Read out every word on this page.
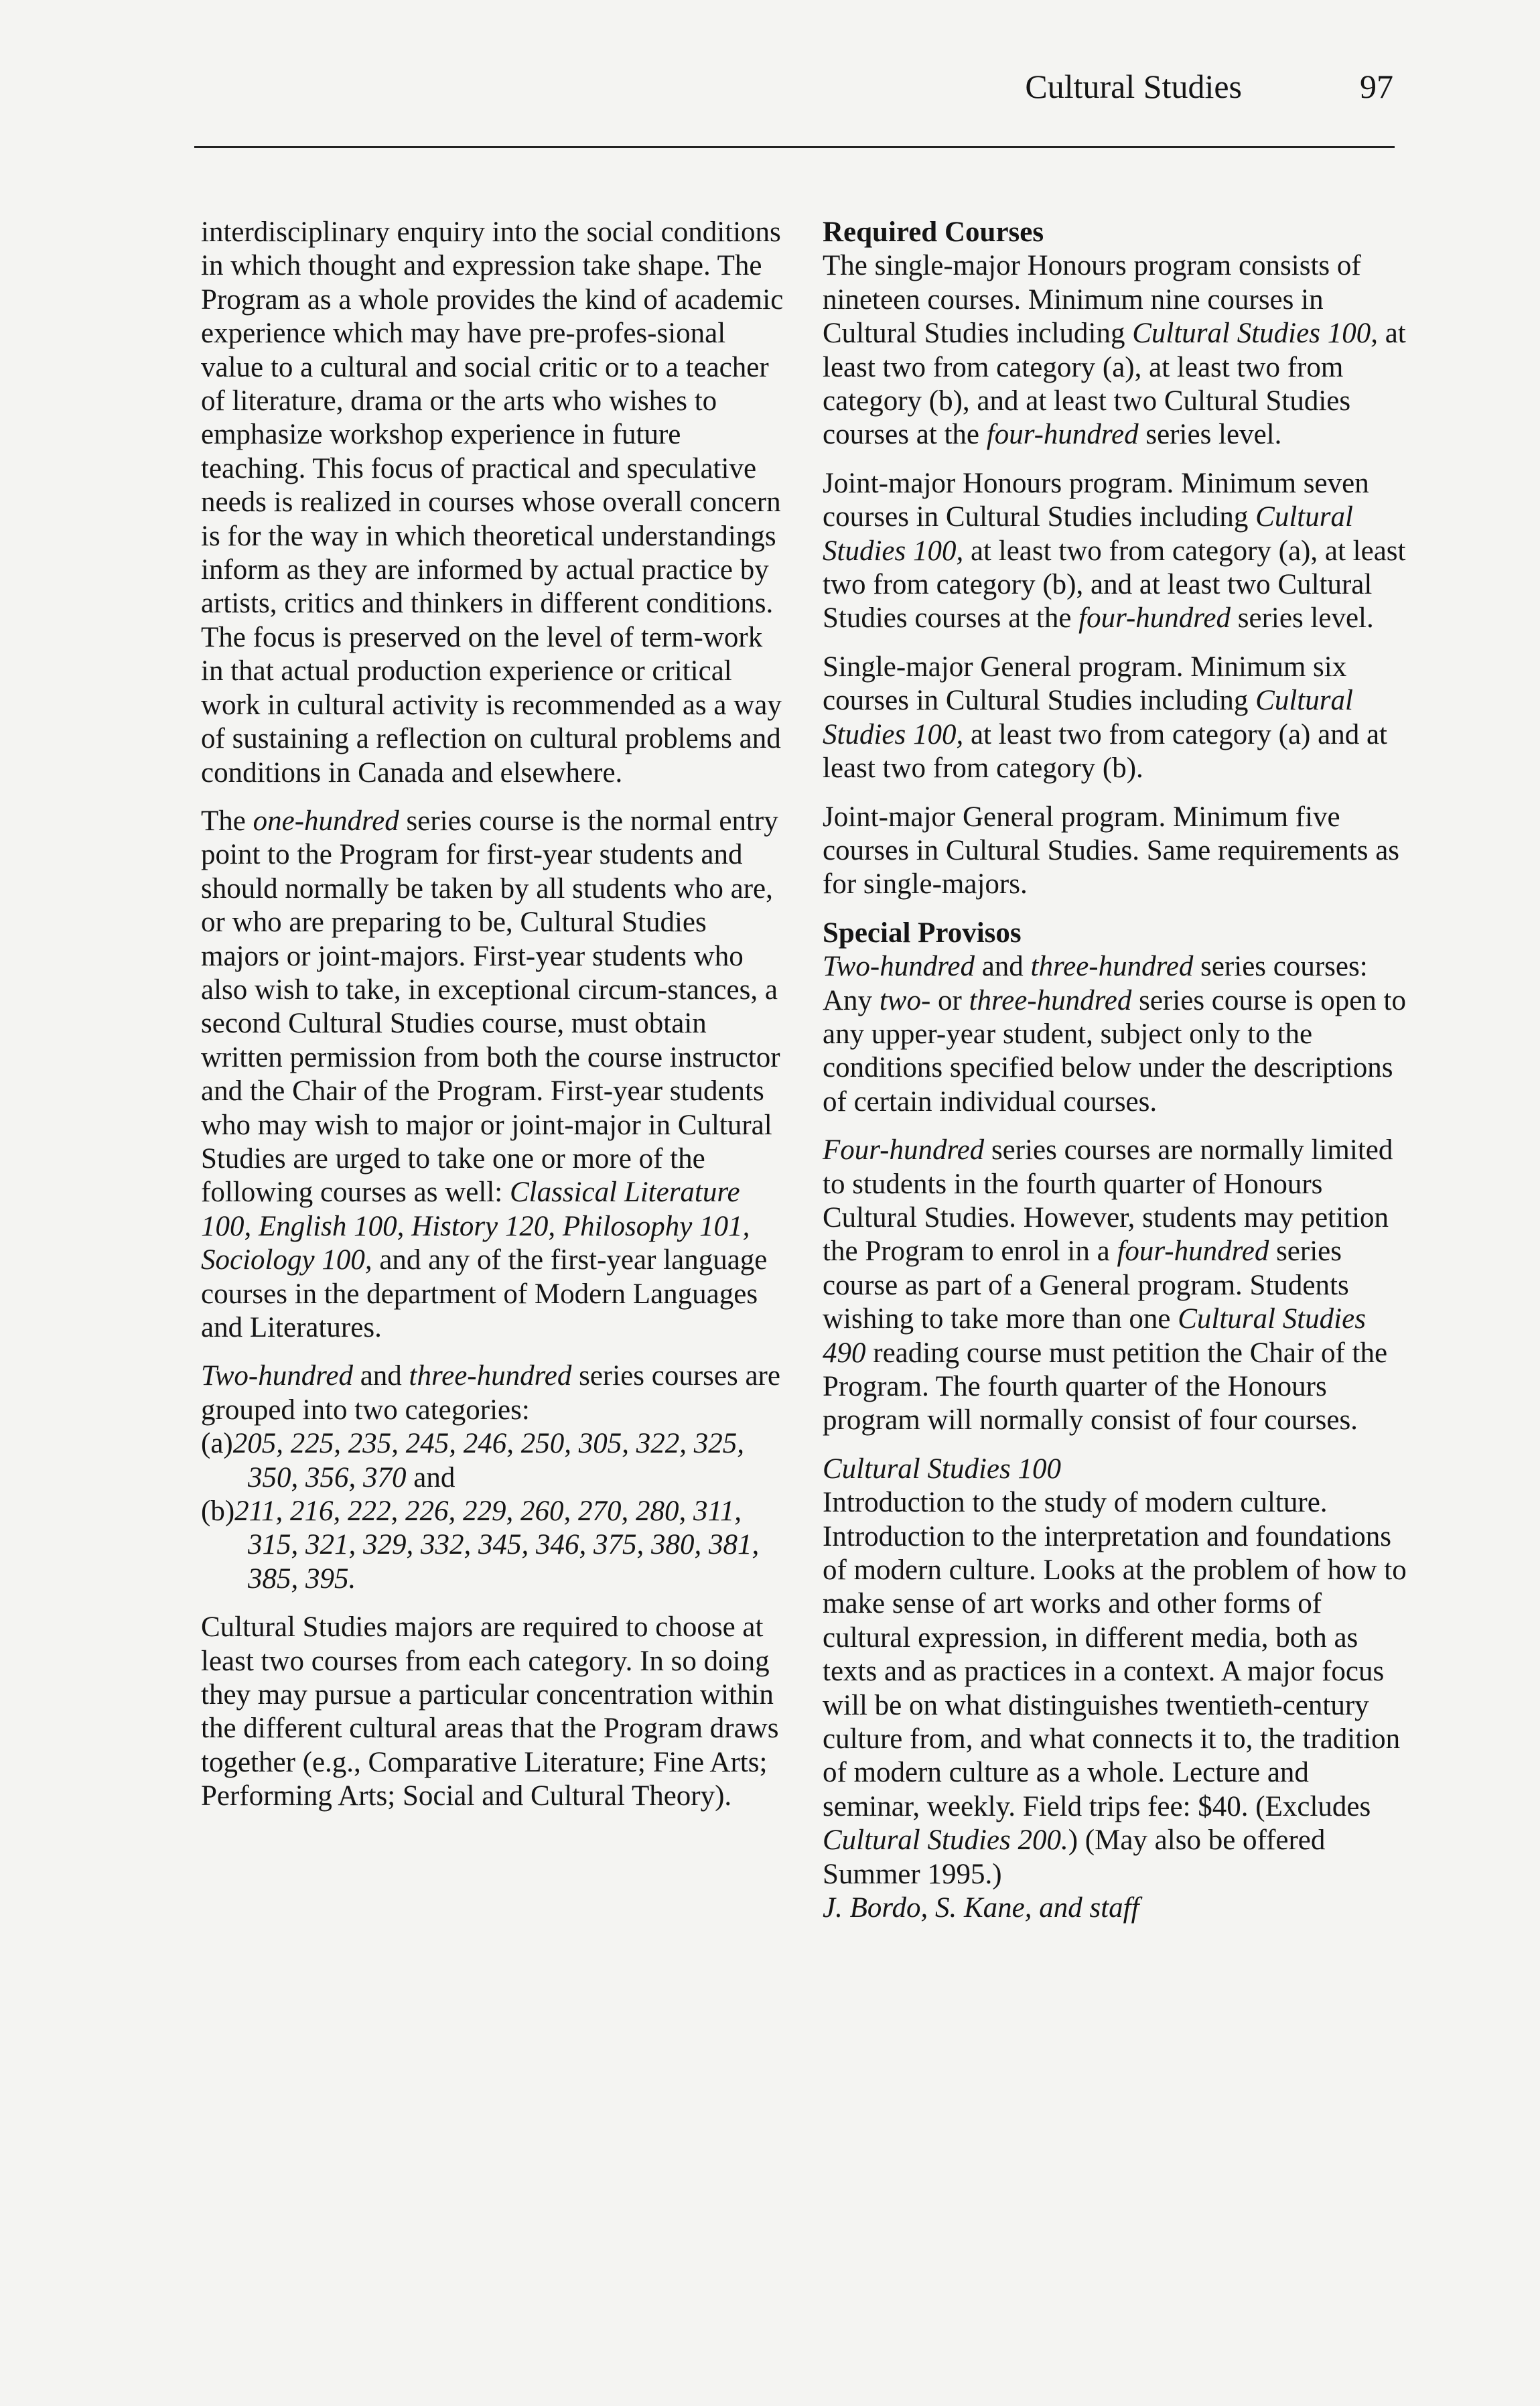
Cultural Studies	97

interdisciplinary enquiry into the social conditions in which thought and expression take shape. The Program as a whole provides the kind of academic experience which may have pre-profes-sional value to a cultural and social critic or to a teacher of literature, drama or the arts who wishes to emphasize workshop experience in future teaching. This focus of practical and speculative needs is realized in courses whose overall concern is for the way in which theoretical understandings inform as they are informed by actual practice by artists, critics and thinkers in different conditions. The focus is preserved on the level of term-work in that actual production experience or critical work in cultural activity is recommended as a way of sustaining a reflection on cultural problems and conditions in Canada and elsewhere.

The one-hundred series course is the normal entry point to the Program for first-year students and should normally be taken by all students who are, or who are preparing to be, Cultural Studies majors or joint-majors. First-year students who also wish to take, in exceptional circum-stances, a second Cultural Studies course, must obtain written permission from both the course instructor and the Chair of the Program. First-year students who may wish to major or joint-major in Cultural Studies are urged to take one or more of the following courses as well: Classical Literature 100, English 100, History 120, Philosophy 101, Sociology 100, and any of the first-year language courses in the department of Modern Languages and Literatures.

Two-hundred and three-hundred series courses are grouped into two categories:

(a)205, 225, 235, 245, 246, 250, 305, 322, 325, 350, 356, 370 and
(b)211, 216, 222, 226, 229, 260, 270, 280, 311, 315, 321, 329, 332, 345, 346, 375, 380, 381, 385, 395.

Cultural Studies majors are required to choose at least two courses from each category. In so doing they may pursue a particular concentration within the different cultural areas that the Program draws together (e.g., Comparative Literature; Fine Arts; Performing Arts; Social and Cultural Theory).

Required Courses

The single-major Honours program consists of nineteen courses. Minimum nine courses in Cultural Studies including Cultural Studies 100, at least two from category (a), at least two from category (b), and at least two Cultural Studies courses at the four-hundred series level.

Joint-major Honours program. Minimum seven courses in Cultural Studies including Cultural Studies 100, at least two from category (a), at least two from category (b), and at least two Cultural Studies courses at the four-hundred series level.

Single-major General program. Minimum six courses in Cultural Studies including Cultural Studies 100, at least two from category (a) and at least two from category (b).

Joint-major General program. Minimum five courses in Cultural Studies. Same requirements as for single-majors.

Special Provisos

Two-hundred and three-hundred series courses: Any two- or three-hundred series course is open to any upper-year student, subject only to the conditions specified below under the descriptions of certain individual courses.

Four-hundred series courses are normally limited to students in the fourth quarter of Honours Cultural Studies. However, students may petition the Program to enrol in a four-hundred series course as part of a General program. Students wishing to take more than one Cultural Studies 490 reading course must petition the Chair of the Program. The fourth quarter of the Honours program will normally consist of four courses.

Cultural Studies 100
Introduction to the study of modern culture. Introduction to the interpretation and foundations of modern culture. Looks at the problem of how to make sense of art works and other forms of cultural expression, in different media, both as texts and as practices in a context. A major focus will be on what distinguishes twentieth-century culture from, and what connects it to, the tradition of modern culture as a whole. Lecture and seminar, weekly. Field trips fee: $40. (Excludes Cultural Studies 200.) (May also be offered Summer 1995.)
J. Bordo, S. Kane, and staff
